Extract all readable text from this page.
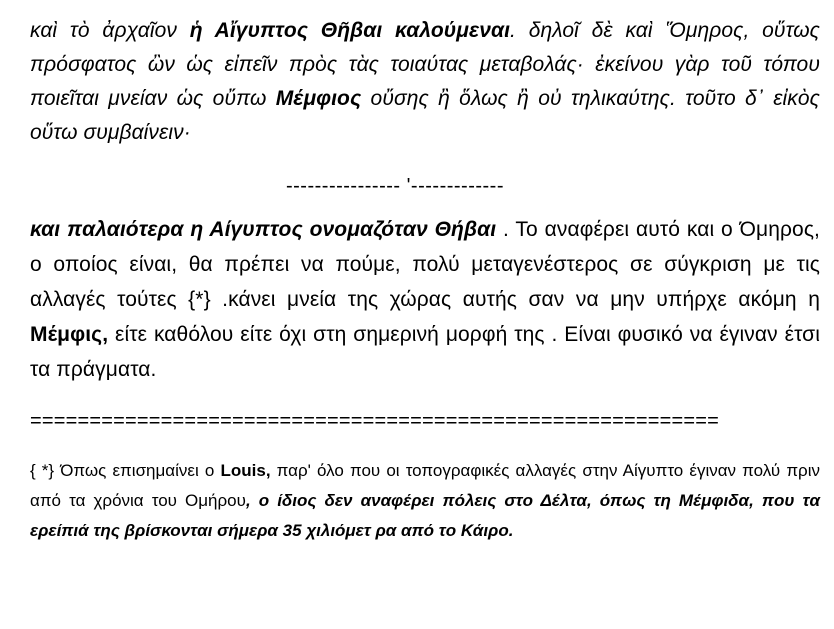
καὶ τὸ ἀρχαῖον ἡ Αἴγυπτος Θῆβαι καλούμεναι. δηλοῖ δὲ καὶ Ὅμηρος, οὕτως πρόσφατος ὢν ὡς εἰπεῖν πρὸς τὰς τοιαύτας μεταβολάς· ἐκείνου γὰρ τοῦ τόπου ποιεῖται μνείαν ὡς οὔπω Μέμφιος οὔσης ἢ ὅλως ἢ οὐ τηλικαύτης. τοῦτο δ᾽ εἰκὸς οὕτω συμβαίνειν·

---------------- '-------------

και παλαιότερα η Αίγυπτος ονομαζόταν Θήβαι . Το αναφέρει αυτό και ο Όμηρος, ο οποίος είναι, θα πρέπει να πούμε, πολύ μεταγενέστερος σε σύγκριση με τις αλλαγές τούτες {*} .κάνει μνεία της χώρας αυτής σαν να μην υπήρχε ακόμη η Μέμφις, είτε καθόλου είτε όχι στη σημερινή μορφή της . Είναι φυσικό να έγιναν έτσι τα πράγματα.

==========================================================

{ *} Όπως επισημαίνει ο Louis, παρ' όλο που οι τοπογραφικές αλλαγές στην Αίγυπτο έγιναν πολύ πριν από τα χρόνια του Ομήρου, ο ίδιος δεν αναφέρει πόλεις στο Δέλτα, όπως τη Μέμφιδα, που τα ερείπιά της βρίσκονται σήμερα 35 χιλιόμετ ρα από το Κάιρο.
